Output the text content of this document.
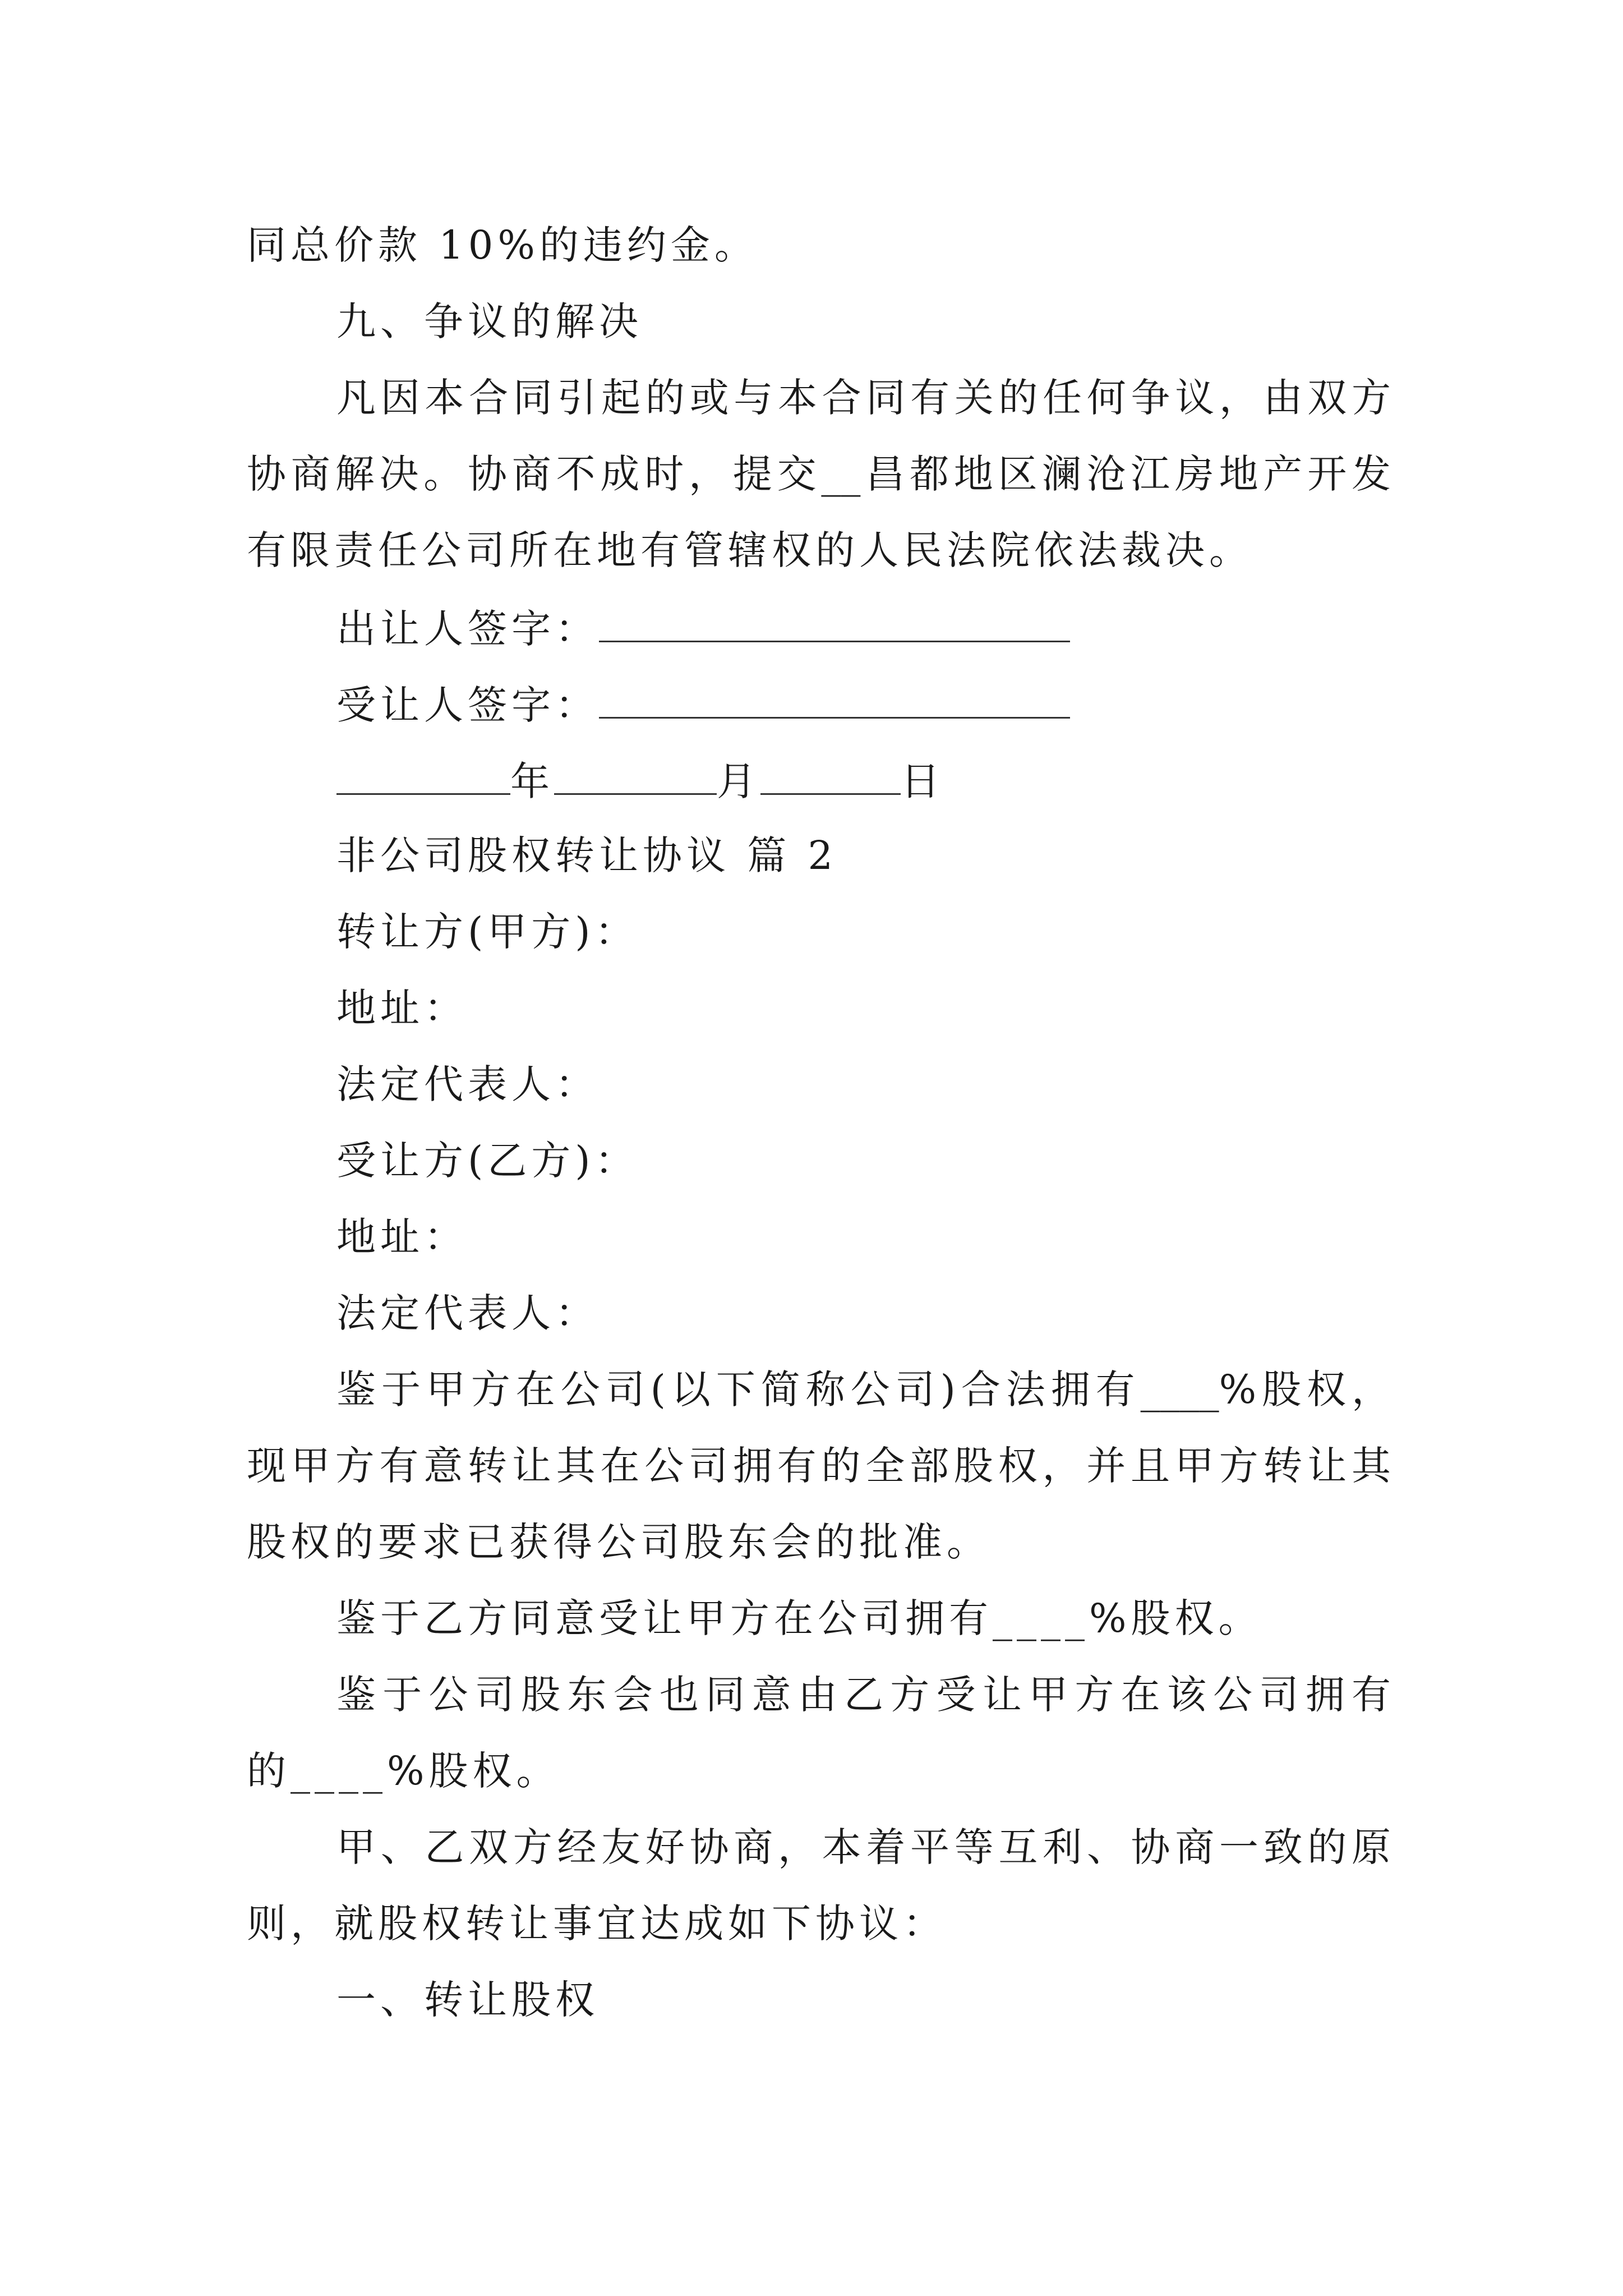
同总价款 10%的违约金。
九、争议的解决
凡因本合同引起的或与本合同有关的任何争议，由双方
协商解决。协商不成时，提交__昌都地区澜沧江房地产开发
有限责任公司所在地有管辖权的人民法院依法裁决。
出让人签字：
受让人签字：
年	月	日
非公司股权转让协议 篇 2
转让方(甲方)：
地址：
法定代表人：
受让方(乙方)：
地址：
法定代表人：
鉴于甲方在公司(以下简称公司)合法拥有____%股权，
现甲方有意转让其在公司拥有的全部股权，并且甲方转让其
股权的要求已获得公司股东会的批准。
鉴于乙方同意受让甲方在公司拥有____%股权。
鉴于公司股东会也同意由乙方受让甲方在该公司拥有
的____%股权。
甲、乙双方经友好协商，本着平等互利、协商一致的原
则，就股权转让事宜达成如下协议：
一、转让股权
